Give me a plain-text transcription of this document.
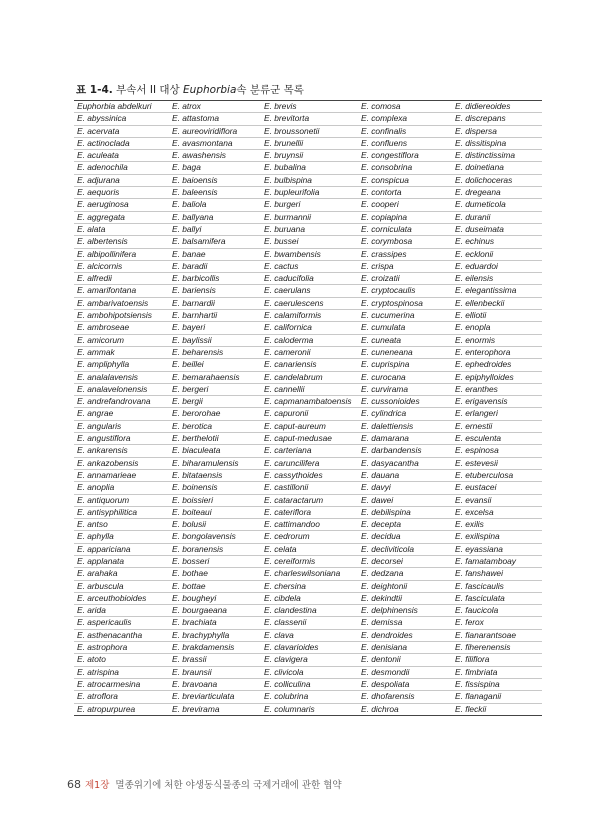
표 1-4. 부속서 II 대상 Euphorbia속 분류군 목록
Euphorbia abdelkuri	E. atrox	E. brevis	E. comosa	E. didiereoides
E. abyssinica	E. attastoma	E. brevitorta	E. complexa	E. discrepans
E. acervata	E. aureoviridiflora	E. broussonetii	E. confinalis	E. dispersa
E. actinoclada	E. avasmontana	E. brunellii	E. confluens	E. dissitispina
E. aculeata	E. awashensis	E. bruynsii	E. congestiflora	E. distinctissima
E. adenochila	E. baga	E. bubalina	E. consobrina	E. doinetiana
E. adjurana	E. baioensis	E. bulbispina	E. conspicua	E. dolichoceras
E. aequoris	E. baleensis	E. bupleurifolia	E. contorta	E. dregeana
E. aeruginosa	E. baliola	E. burgeri	E. cooperi	E. dumeticola
E. aggregata	E. ballyana	E. burmannii	E. copiapina	E. duranii
E. alata	E. ballyi	E. buruana	E. corniculata	E. duseimata
E. albertensis	E. balsamifera	E. bussei	E. corymbosa	E. echinus
E. albipollinifera	E. banae	E. bwambensis	E. crassipes	E. ecklonii
E. alcicornis	E. baradii	E. cactus	E. crispa	E. eduardoi
E. alfredii	E. barbicollis	E. caducifolia	E. croizatii	E. eilensis
E. amarifontana	E. bariensis	E. caerulans	E. cryptocaulis	E. elegantissima
E. ambarivatoensis	E. barnardii	E. caerulescens	E. cryptospinosa	E. ellenbeckii
E. ambohipotsiensis	E. barnhartii	E. calamiformis	E. cucumerina	E. elliotii
E. ambroseae	E. bayeri	E. californica	E. cumulata	E. enopla
E. amicorum	E. baylissii	E. caloderma	E. cuneata	E. enormis
E. ammak	E. beharensis	E. cameronii	E. cuneneana	E. enterophora
E. ampliphylla	E. beillei	E. canariensis	E. cuprispina	E. ephedroides
E. analalavensis	E. bemarahaensis	E. candelabrum	E. curocana	E. epiphylloides
E. analavelonensis	E. bergeri	E. cannellii	E. curvirama	E. eranthes
E. andrefandrovana	E. bergii	E. capmanambatoensis	E. cussonioides	E. erigavensis
E. angrae	E. berorohae	E. capuronii	E. cylindrica	E. erlangeri
E. angularis	E. berotica	E. caput-aureum	E. dalettiensis	E. ernestii
E. angustiflora	E. berthelotii	E. caput-medusae	E. damarana	E. esculenta
E. ankarensis	E. biaculeata	E. carteriana	E. darbandensis	E. espinosa
E. ankazobensis	E. biharamulensis	E. caruncilifera	E. dasyacantha	E. estevesii
E. annamarieae	E. bitataensis	E. cassythoides	E. dauana	E. etuberculosa
E. anoplia	E. boinensis	E. castillonii	E. davyi	E. eustacei
E. antiquorum	E. boissieri	E. cataractarum	E. dawei	E. evansii
E. antisyphilitica	E. boiteaui	E. cateriflora	E. debilispina	E. excelsa
E. antso	E. bolusii	E. cattimandoo	E. decepta	E. exilis
E. aphylla	E. bongolavensis	E. cedrorum	E. decidua	E. exilispina
E. appariciana	E. boranensis	E. celata	E. decliviticola	E. eyassiana
E. applanata	E. bosseri	E. cereiformis	E. decorsei	E. famatamboay
E. arahaka	E. bothae	E. charleswilsoniana	E. dedzana	E. fanshawei
E. arbuscula	E. bottae	E. chersina	E. deightonii	E. fascicaulis
E. arceuthobioides	E. bougheyi	E. cibdela	E. dekindtii	E. fasciculata
E. arida	E. bourgaeana	E. clandestina	E. delphinensis	E. faucicola
E. aspericaulis	E. brachiata	E. classenii	E. demissa	E. ferox
E. asthenacantha	E. brachyphylla	E. clava	E. dendroides	E. fianarantsoae
E. astrophora	E. brakdamensis	E. clavarioides	E. denisiana	E. fiherenensis
E. atoto	E. brassii	E. clavigera	E. dentonii	E. filiflora
E. atrispina	E. braunsii	E. clivicola	E. desmondii	E. fimbriata
E. atrocarmesina	E. bravoana	E. colliculina	E. despoliata	E. fissispina
E. atroflora	E. breviarticulata	E. colubrina	E. dhofarensis	E. flanaganii
E. atropurpurea	E. brevirama	E. columnaris	E. dichroa	E. fleckii
68 제1장 멸종위기에 처한 야생동식물종의 국제거래에 관한 협약
